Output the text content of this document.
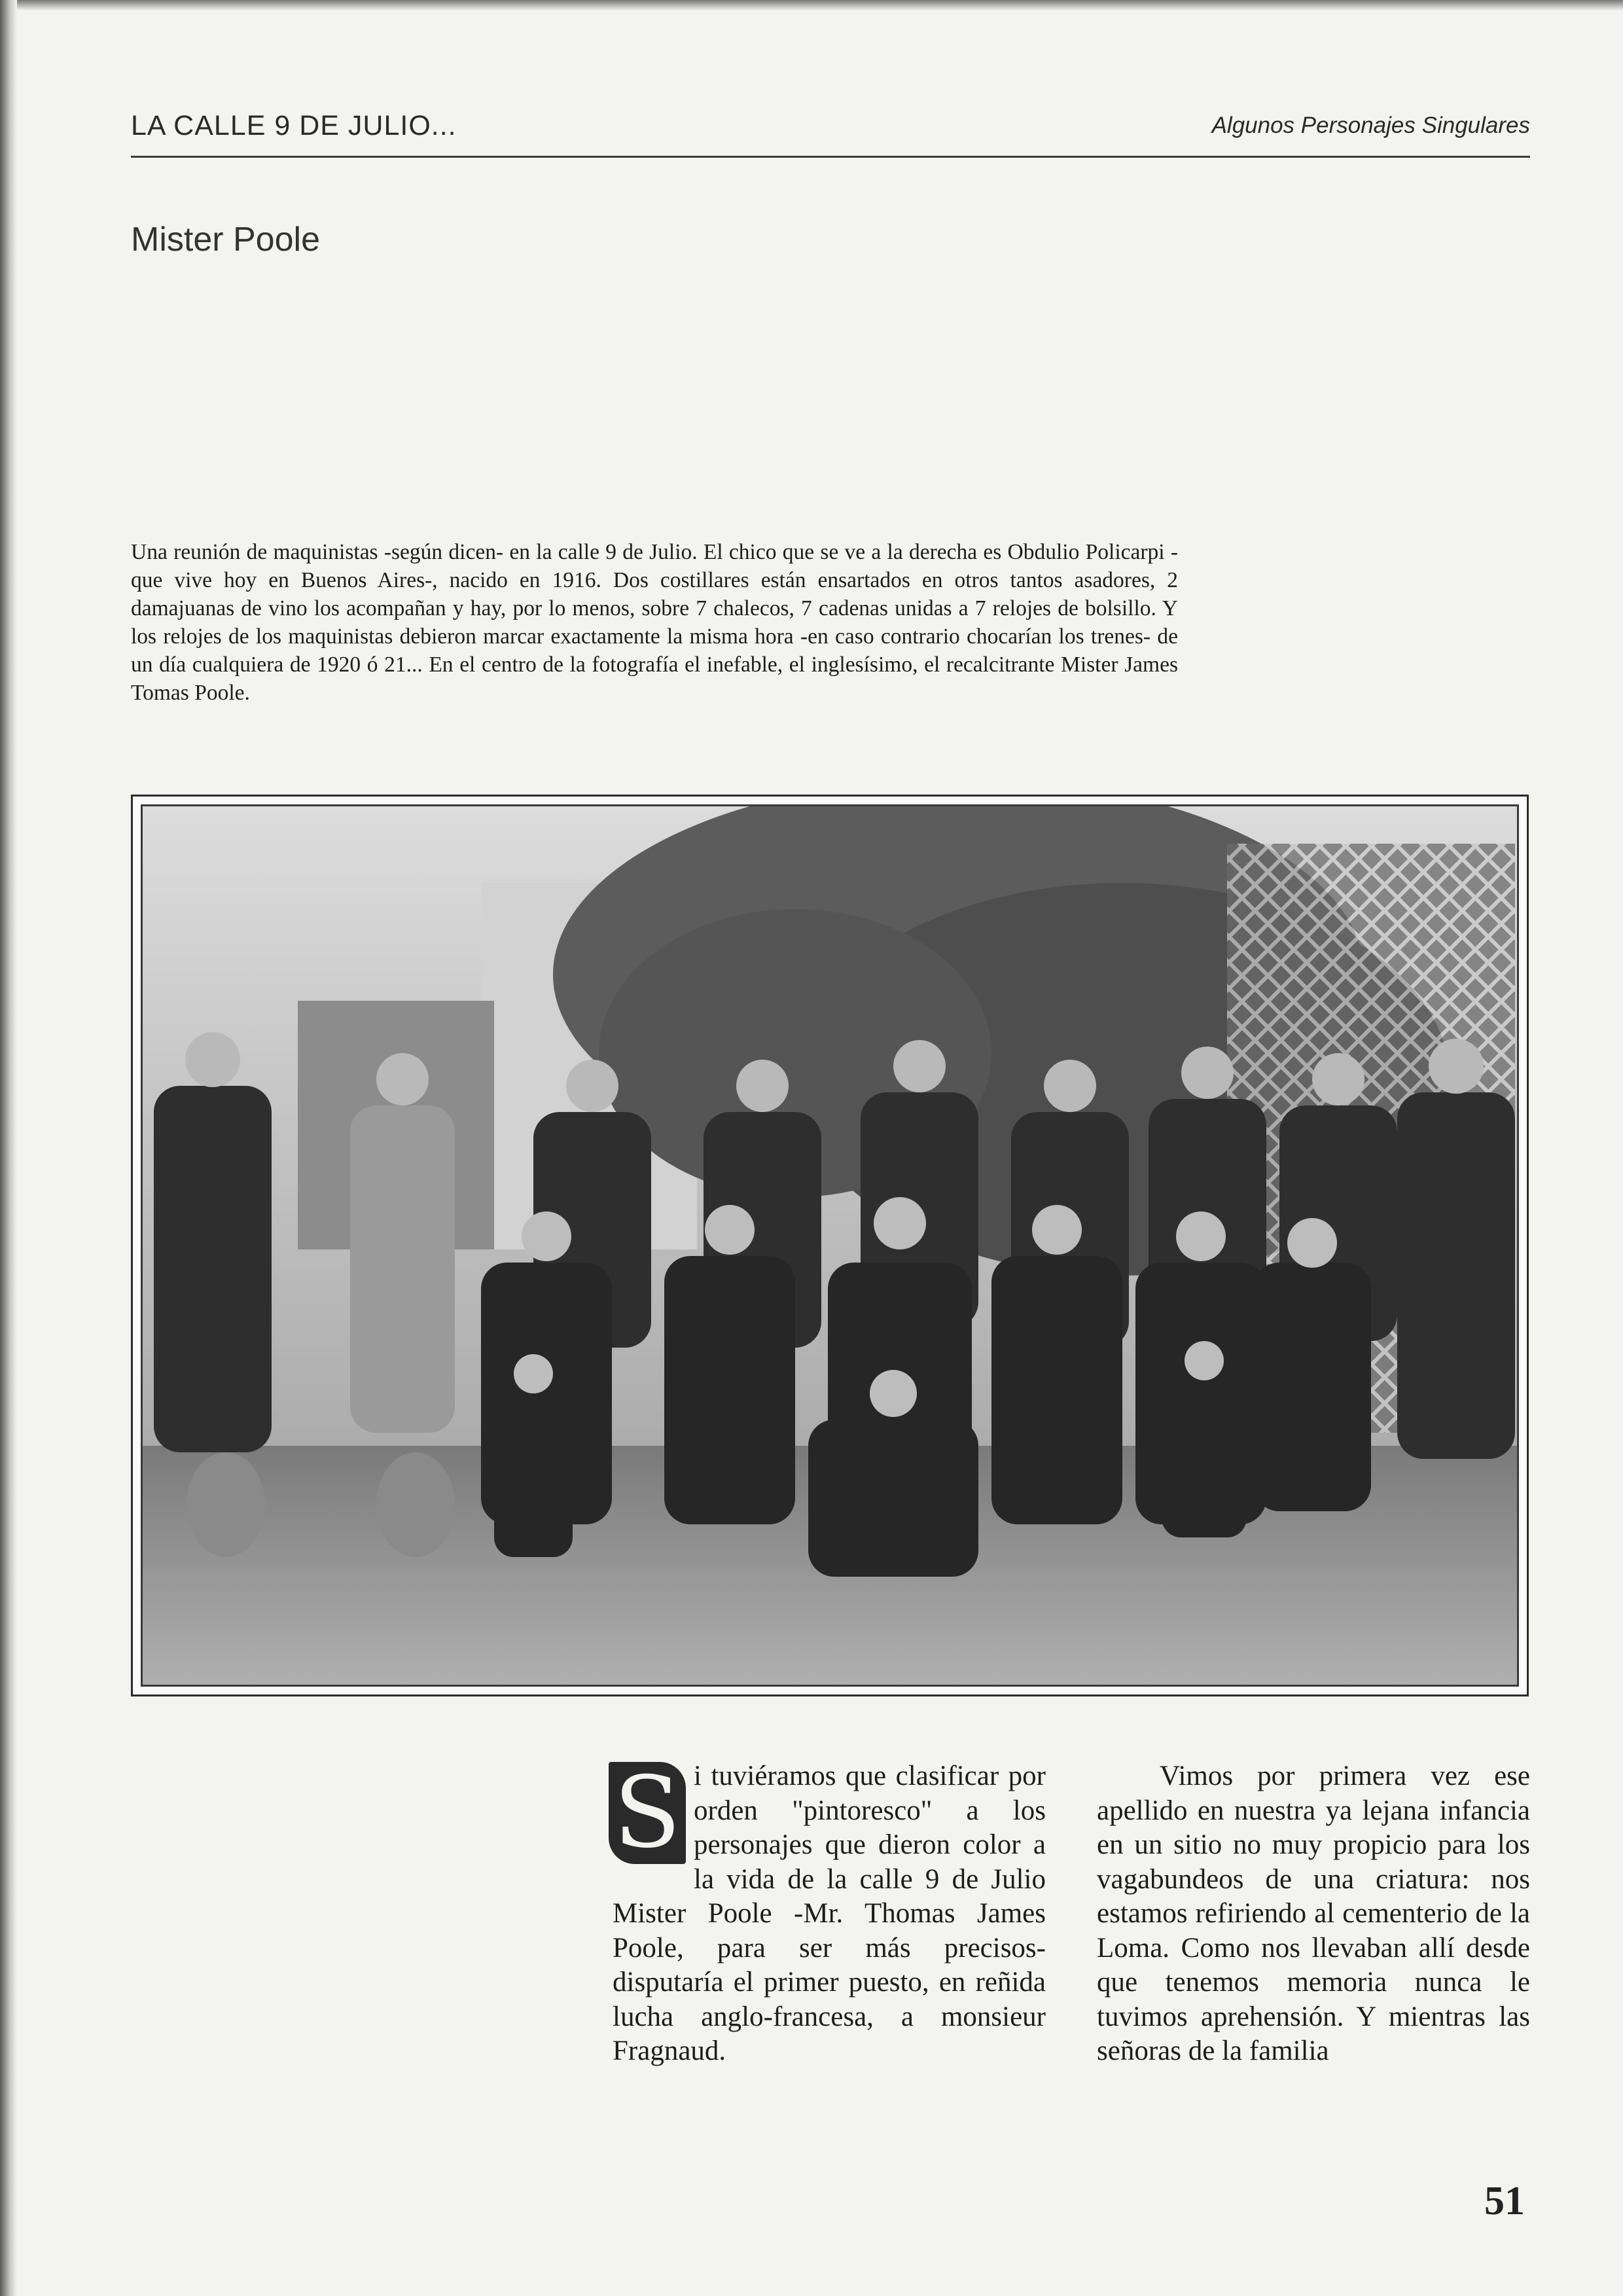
LA CALLE 9 DE JULIO...	Algunos Personajes Singulares
Mister Poole
Una reunión de maquinistas -según dicen- en la calle 9 de Julio. El chico que se ve a la derecha es Obdulio Policarpi -que vive hoy en Buenos Aires-, nacido en 1916. Dos costillares están ensartados en otros tantos asadores, 2 damajuanas de vino los acompañan y hay, por lo menos, sobre 7 chalecos, 7 cadenas unidas a 7 relojes de bolsillo. Y los relojes de los maquinistas debieron marcar exactamente la misma hora -en caso contrario chocarían los trenes- de un día cualquiera de 1920 ó 21... En el centro de la fotografía el inefable, el inglesísimo, el recalcitrante Mister James Tomas Poole.
S i tuviéramos que clasificar por orden "pintoresco" a los personajes que dieron color a la vida de la calle 9 de Julio Mister Poole -Mr. Thomas James Poole, para ser más precisos- disputaría el primer puesto, en reñida lucha anglo-francesa, a monsieur Fragnaud.
Vimos por primera vez ese apellido en nuestra ya lejana infancia en un sitio no muy propicio para los vagabundeos de una criatura: nos estamos refiriendo al cementerio de la Loma. Como nos llevaban allí desde que tenemos memoria nunca le tuvimos aprehensión. Y mientras las señoras de la familia
51
